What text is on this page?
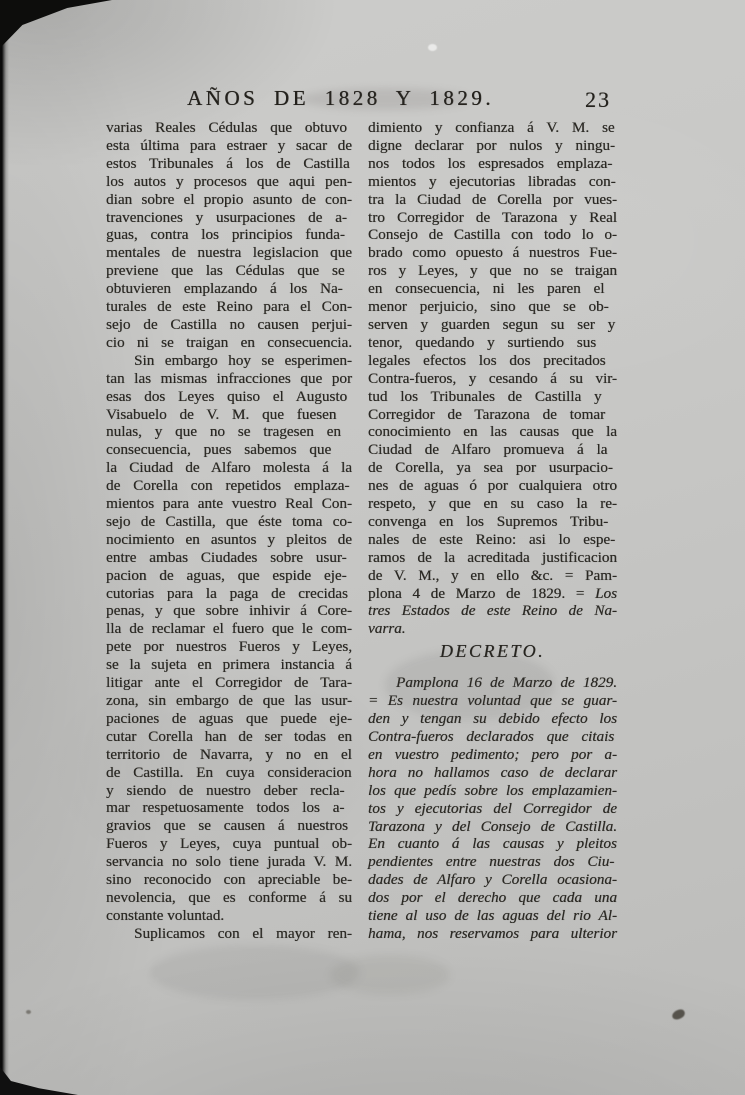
AÑOS DE 1828 Y 1829.	23
varias Reales Cédulas que obtuvo
esta última para estraer y sacar de
estos Tribunales á los de Castilla
los autos y procesos que aqui pen-
dian sobre el propio asunto de con-
travenciones y usurpaciones de a-
guas, contra los principios funda-
mentales de nuestra legislacion que
previene que las Cédulas que se
obtuvieren emplazando á los Na-
turales de este Reino para el Con-
sejo de Castilla no causen perjui-
cio ni se traigan en consecuencia.
Sin embargo hoy se esperimen-
tan las mismas infracciones que por
esas dos Leyes quiso el Augusto
Visabuelo de V. M. que fuesen
nulas, y que no se tragesen en
consecuencia, pues sabemos que
la Ciudad de Alfaro molesta á la
de Corella con repetidos emplaza-
mientos para ante vuestro Real Con-
sejo de Castilla, que éste toma co-
nocimiento en asuntos y pleitos de
entre ambas Ciudades sobre usur-
pacion de aguas, que espide eje-
cutorias para la paga de crecidas
penas, y que sobre inhivir á Core-
lla de reclamar el fuero que le com-
pete por nuestros Fueros y Leyes,
se la sujeta en primera instancia á
litigar ante el Corregidor de Tara-
zona, sin embargo de que las usur-
paciones de aguas que puede eje-
cutar Corella han de ser todas en
territorio de Navarra, y no en el
de Castilla. En cuya consideracion
y siendo de nuestro deber recla-
mar respetuosamente todos los a-
gravios que se causen á nuestros
Fueros y Leyes, cuya puntual ob-
servancia no solo tiene jurada V. M.
sino reconocido con apreciable be-
nevolencia, que es conforme á su
constante voluntad.
Suplicamos con el mayor ren-
dimiento y confianza á V. M. se
digne declarar por nulos y ningu-
nos todos los espresados emplaza-
mientos y ejecutorias libradas con-
tra la Ciudad de Corella por vues-
tro Corregidor de Tarazona y Real
Consejo de Castilla con todo lo o-
brado como opuesto á nuestros Fue-
ros y Leyes, y que no se traigan
en consecuencia, ni les paren el
menor perjuicio, sino que se ob-
serven y guarden segun su ser y
tenor, quedando y surtiendo sus
legales efectos los dos precitados
Contra-fueros, y cesando á su vir-
tud los Tribunales de Castilla y
Corregidor de Tarazona de tomar
conocimiento en las causas que la
Ciudad de Alfaro promueva á la
de Corella, ya sea por usurpacio-
nes de aguas ó por cualquiera otro
respeto, y que en su caso la re-
convenga en los Supremos Tribu-
nales de este Reino: asi lo espe-
ramos de la acreditada justificacion
de V. M., y en ello &c. = Pam-
plona 4 de Marzo de 1829. = Los
tres Estados de este Reino de Na-
varra.
DECRETO.
Pamplona 16 de Marzo de 1829.
= Es nuestra voluntad que se guar-
den y tengan su debido efecto los
Contra-fueros declarados que citais
en vuestro pedimento; pero por a-
hora no hallamos caso de declarar
los que pedís sobre los emplazamien-
tos y ejecutorias del Corregidor de
Tarazona y del Consejo de Castilla.
En cuanto á las causas y pleitos
pendientes entre nuestras dos Ciu-
dades de Alfaro y Corella ocasiona-
dos por el derecho que cada una
tiene al uso de las aguas del rio Al-
hama, nos reservamos para ulterior
